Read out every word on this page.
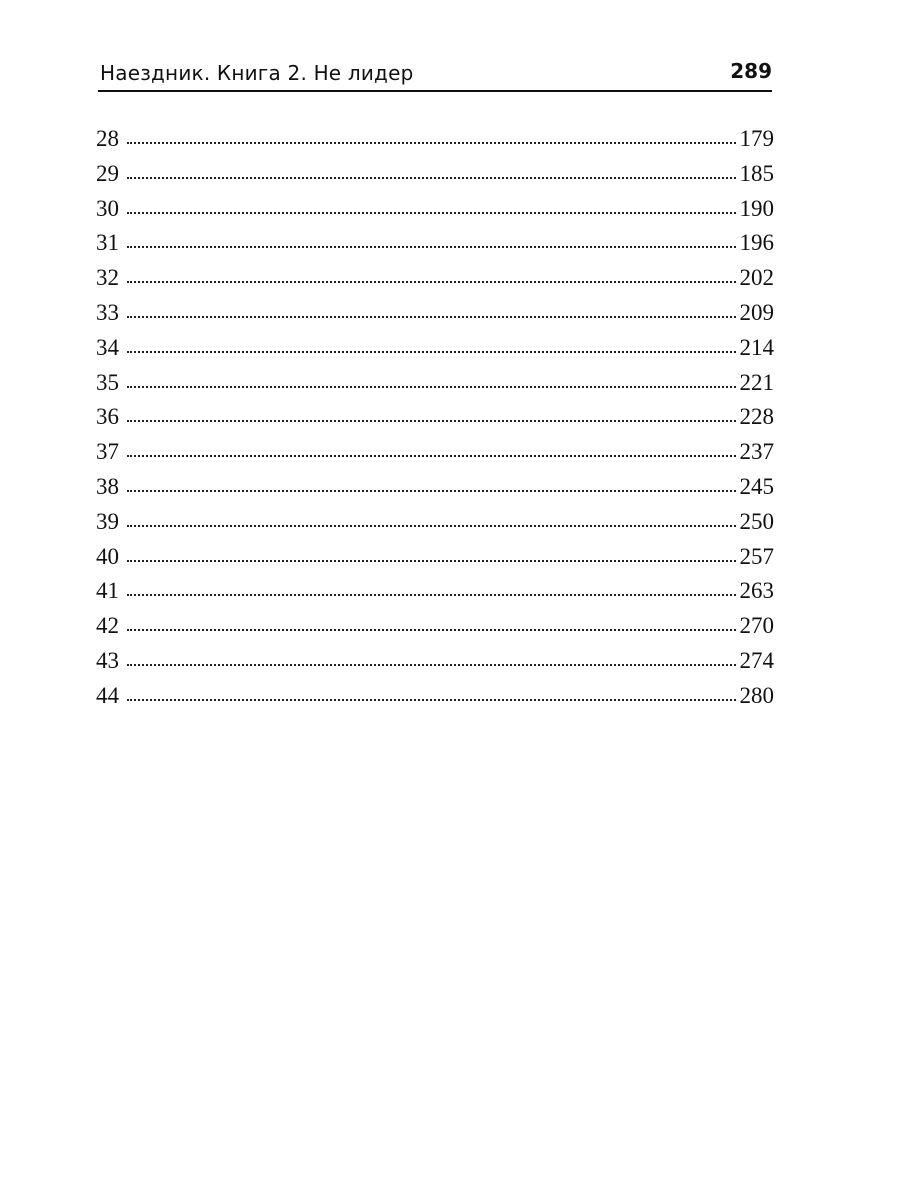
Наездник. Книга 2. Не лидер	289
28	179
29	185
30	190
31	196
32	202
33	209
34	214
35	221
36	228
37	237
38	245
39	250
40	257
41	263
42	270
43	274
44	280
